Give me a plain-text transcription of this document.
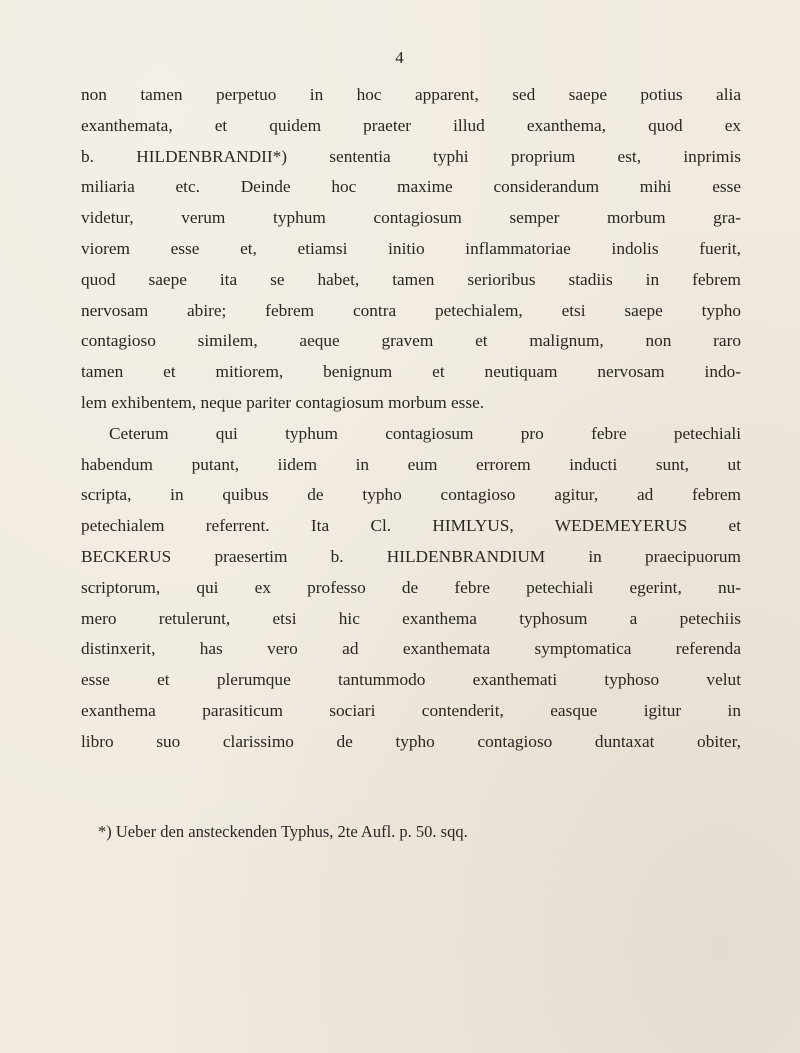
4
non tamen perpetuo in hoc apparent, sed saepe potius alia
exanthemata, et quidem praeter illud exanthema, quod ex
b. HILDENBRANDII*) sententia typhi proprium est, inprimis
miliaria etc. Deinde hoc maxime considerandum mihi esse
videtur, verum typhum contagiosum semper morbum gra-
viorem esse et, etiamsi initio inflammatoriae indolis fuerit,
quod saepe ita se habet, tamen serioribus stadiis in febrem
nervosam abire; febrem contra petechialem, etsi saepe typho
contagioso similem, aeque gravem et malignum, non raro
tamen et mitiorem, benignum et neutiquam nervosam indo-
lem exhibentem, neque pariter contagiosum morbum esse.
Ceterum qui typhum contagiosum pro febre petechiali
habendum putant, iidem in eum errorem inducti sunt, ut
scripta, in quibus de typho contagioso agitur, ad febrem
petechialem referrent. Ita Cl. HIMLYUS, WEDEMEYERUS et
BECKERUS praesertim b. HILDENBRANDIUM in praecipuorum
scriptorum, qui ex professo de febre petechiali egerint, nu-
mero retulerunt, etsi hic exanthema typhosum a petechiis
distinxerit, has vero ad exanthemata symptomatica referenda
esse et plerumque tantummodo exanthemati typhoso velut
exanthema parasiticum sociari contenderit, easque igitur in
libro suo clarissimo de typho contagioso duntaxat obiter,
*) Ueber den ansteckenden Typhus, 2te Aufl. p. 50. sqq.
